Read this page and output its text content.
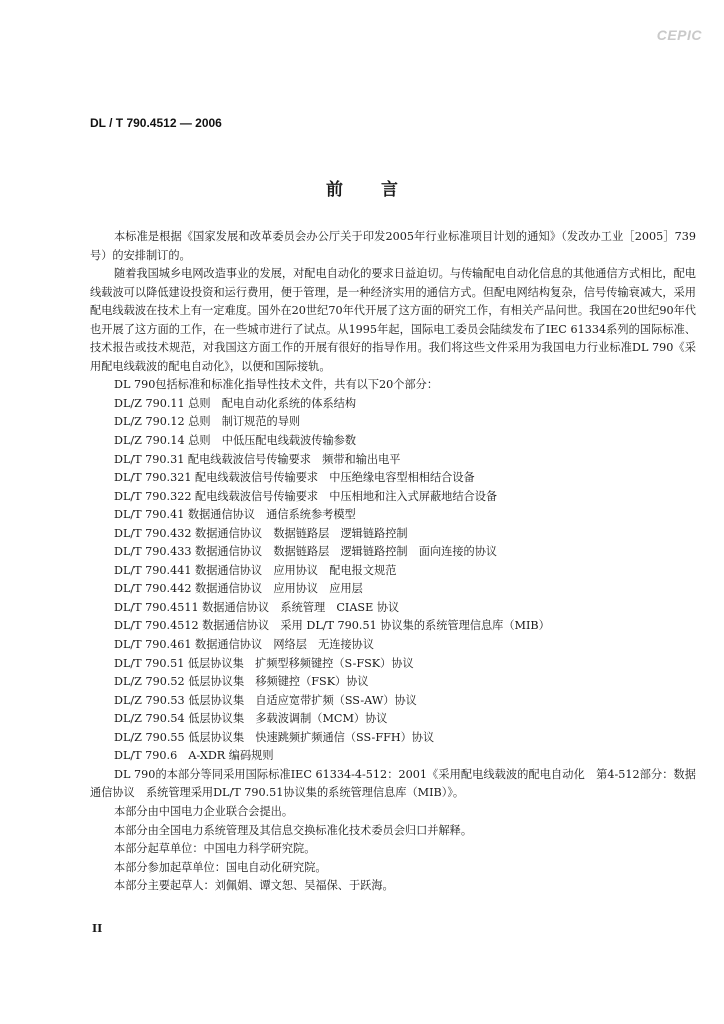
CEPIC
DL / T 790.4512 — 2006
前言

本标准是根据《国家发展和改革委员会办公厅关于印发2005年行业标准项目计划的通知》（发改办工业［2005］739号）的安排制订的。

随着我国城乡电网改造事业的发展，对配电自动化的要求日益迫切。与传输配电自动化信息的其他通信方式相比，配电线载波可以降低建设投资和运行费用，便于管理，是一种经济实用的通信方式。但配电网结构复杂，信号传输衰减大，采用配电线载波在技术上有一定难度。国外在20世纪70年代开展了这方面的研究工作，有相关产品问世。我国在20世纪90年代也开展了这方面的工作，在一些城市进行了试点。从1995年起，国际电工委员会陆续发布了IEC 61334系列的国际标准、技术报告或技术规范，对我国这方面工作的开展有很好的指导作用。我们将这些文件采用为我国电力行业标准DL 790《采用配电线载波的配电自动化》，以便和国际接轨。

DL 790包括标准和标准化指导性技术文件，共有以下20个部分：

DL/Z 790.11 总则　配电自动化系统的体系结构

DL/Z 790.12 总则　制订规范的导则

DL/Z 790.14 总则　中低压配电线载波传输参数

DL/T 790.31 配电线载波信号传输要求　频带和输出电平

DL/T 790.321 配电线载波信号传输要求　中压绝缘电容型相相结合设备

DL/T 790.322 配电线载波信号传输要求　中压相地和注入式屏蔽地结合设备

DL/T 790.41 数据通信协议　通信系统参考模型

DL/T 790.432 数据通信协议　数据链路层　逻辑链路控制

DL/T 790.433 数据通信协议　数据链路层　逻辑链路控制　面向连接的协议

DL/T 790.441 数据通信协议　应用协议　配电报文规范

DL/T 790.442 数据通信协议　应用协议　应用层

DL/T 790.4511 数据通信协议　系统管理　CIASE 协议

DL/T 790.4512 数据通信协议　采用 DL/T 790.51 协议集的系统管理信息库（MIB）

DL/T 790.461 数据通信协议　网络层　无连接协议

DL/T 790.51 低层协议集　扩频型移频键控（S-FSK）协议

DL/Z 790.52 低层协议集　移频键控（FSK）协议

DL/Z 790.53 低层协议集　自适应宽带扩频（SS-AW）协议

DL/Z 790.54 低层协议集　多载波调制（MCM）协议

DL/Z 790.55 低层协议集　快速跳频扩频通信（SS-FFH）协议

DL/T 790.6　A-XDR 编码规则

DL 790的本部分等同采用国际标准IEC 61334-4-512：2001《采用配电线载波的配电自动化　第4-512部分：数据通信协议　系统管理采用DL/T 790.51协议集的系统管理信息库（MIB）》。

本部分由中国电力企业联合会提出。

本部分由全国电力系统管理及其信息交换标准化技术委员会归口并解释。

本部分起草单位：中国电力科学研究院。

本部分参加起草单位：国电自动化研究院。

本部分主要起草人：刘佩娟、谭文恕、吴福保、于跃海。

II
